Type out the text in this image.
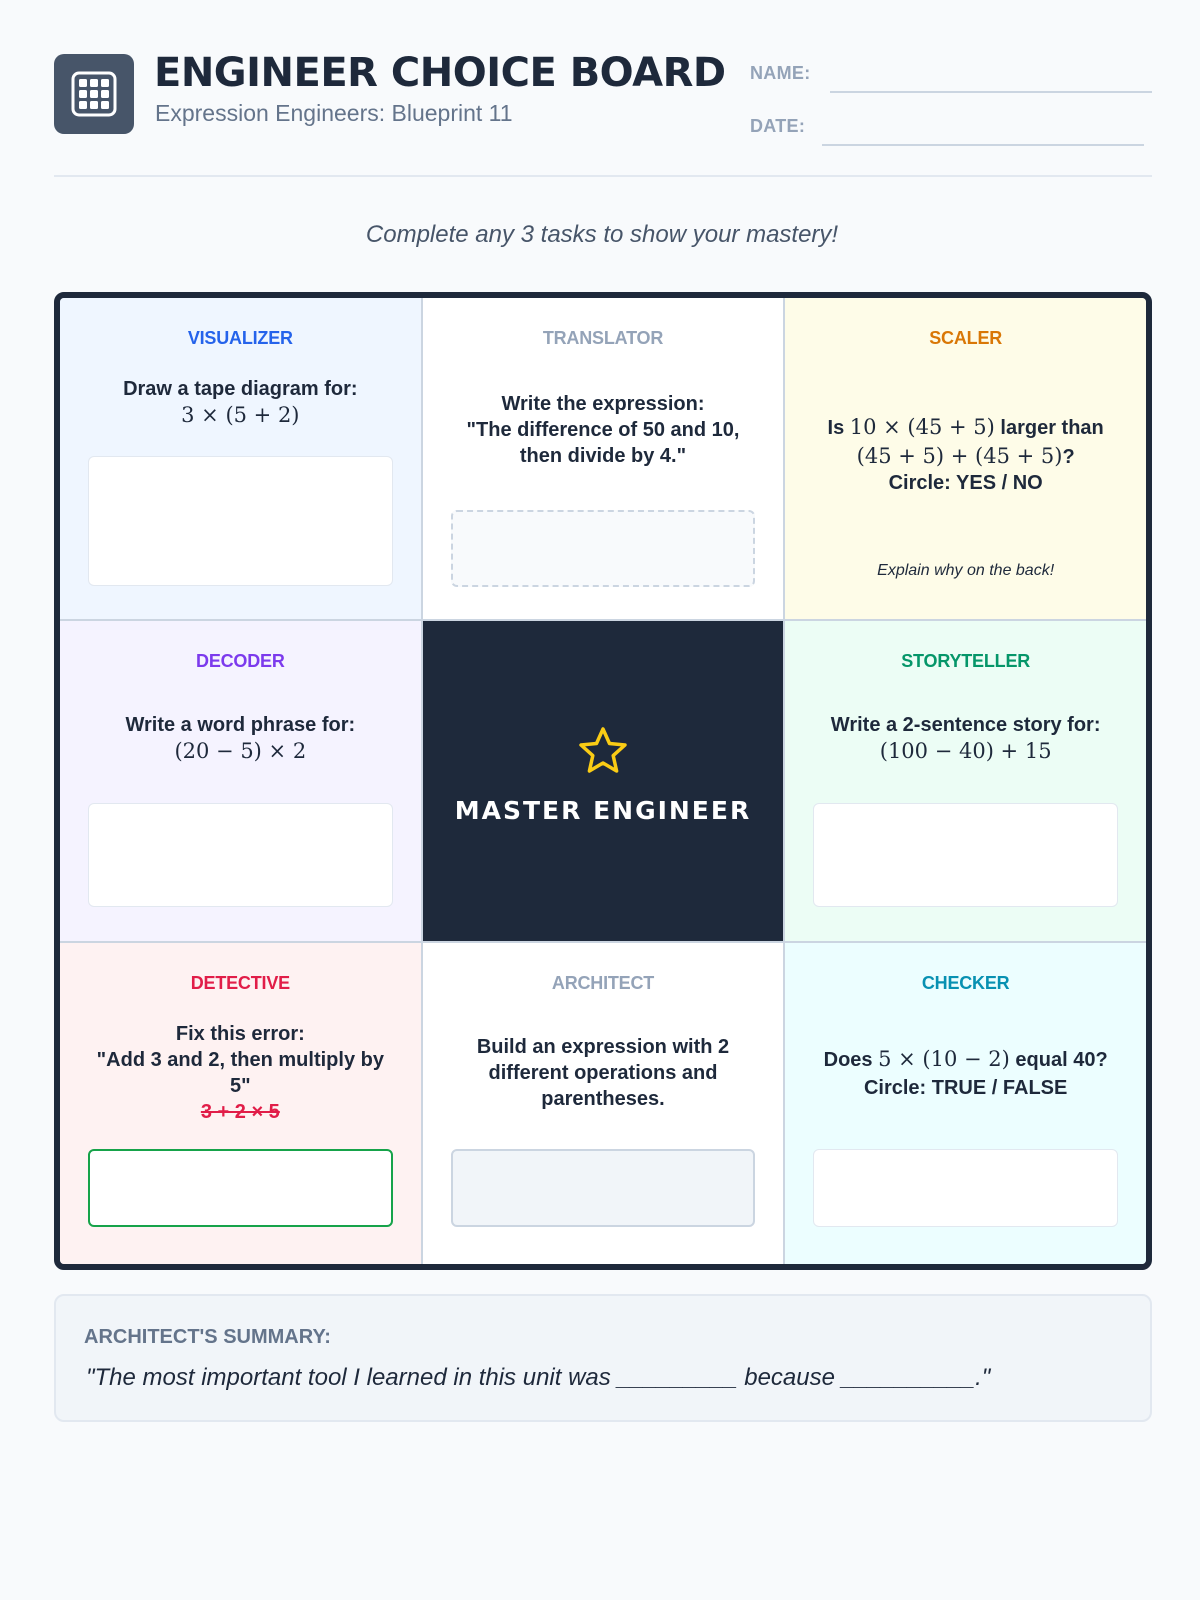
ENGINEER CHOICE BOARD
Expression Engineers: Blueprint 11
NAME:
DATE:
Complete any 3 tasks to show your mastery!
VISUALIZER
Draw a tape diagram for:
3 × (5 + 2)
TRANSLATOR
Write the expression:
"The difference of 50 and 10, then divide by 4."
SCALER
Is 10 × (45 + 5) larger than
(45 + 5) + (45 + 5)?
Circle: YES / NO
Explain why on the back!
DECODER
Write a word phrase for:
(20 − 5) × 2
MASTER ENGINEER
STORYTELLER
Write a 2-sentence story for:
(100 − 40) + 15
DETECTIVE
Fix this error:
"Add 3 and 2, then multiply by 5"
3 + 2 × 5
ARCHITECT
Build an expression with 2 different operations and parentheses.
CHECKER
Does 5 × (10 − 2) equal 40?
Circle: TRUE / FALSE
ARCHITECT'S SUMMARY:
"The most important tool I learned in this unit was _________ because __________."
